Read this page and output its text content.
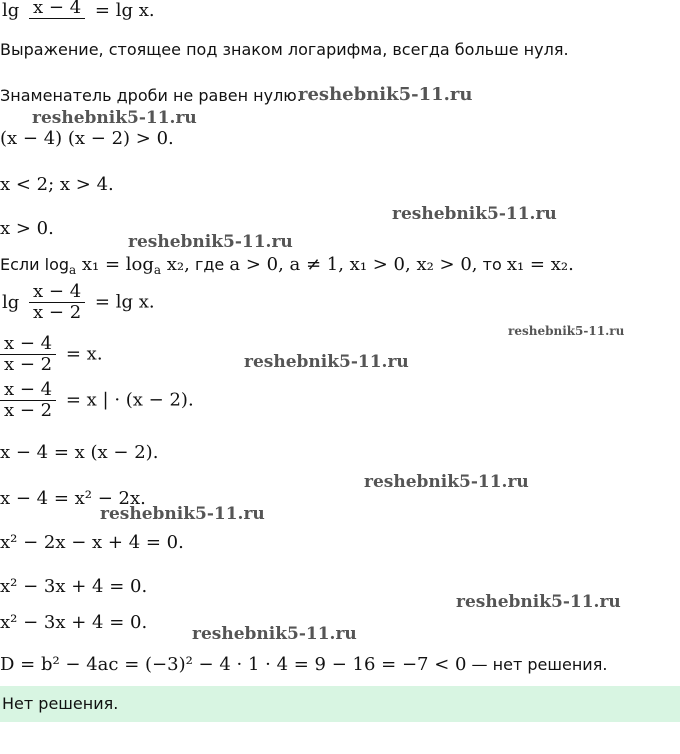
lg x − 4 = lg x.
Выражение, стоящее под знаком логарифма, всегда больше нуля.
Знаменатель дроби не равен нулю.
(x − 4) (x − 2) > 0.
x < 2; x > 4.
x > 0.
Если $\log_a x_1 = \log_a x_2$, где a > 0, a ≠ 1, x₁ > 0, x₂ > 0, то x₁ = x₂.
$\lg \frac{x - 4}{x - 2} = \lg x$.
$\frac{x - 4}{x - 2} = x$.
$\frac{x - 4}{x - 2} = x$ | · (x − 2).
x − 4 = x (x − 2).
x − 4 = x² − 2x.
x² − 2x − x + 4 = 0.
x² − 3x + 4 = 0.
x² − 3x + 4 = 0.
D = b² − 4ac = (−3)² − 4 · 1 · 4 = 9 − 16 = −7 < 0 — нет решения.
Нет решения.
reshebnik5-11.ru
reshebnik5-11.ru
reshebnik5-11.ru
reshebnik5-11.ru
reshebnik5-11.ru
reshebnik5-11.ru
reshebnik5-11.ru
reshebnik5-11.ru
reshebnik5-11.ru
reshebnik5-11.ru
